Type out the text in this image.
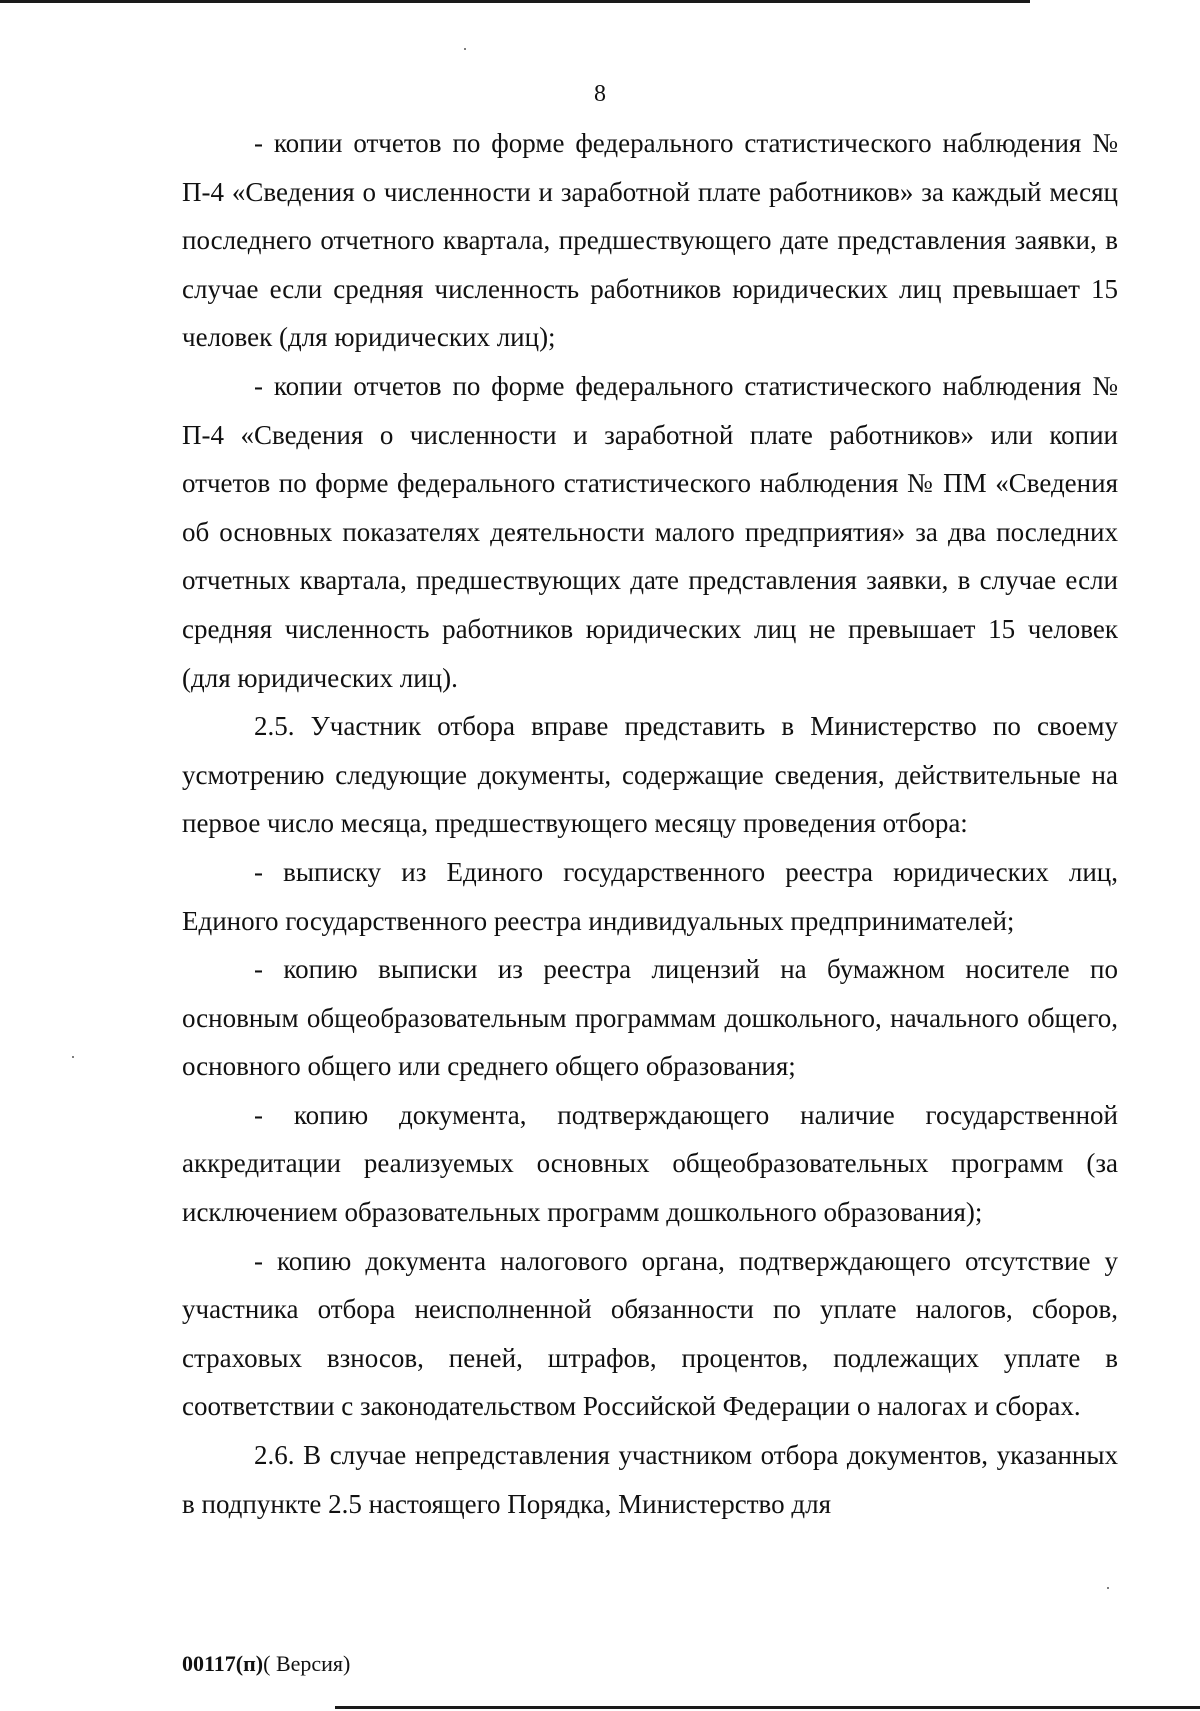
8

- копии отчетов по форме федерального статистического наблюдения № П-4 «Сведения о численности и заработной плате работников» за каждый месяц последнего отчетного квартала, предшествующего дате представления заявки, в случае если средняя численность работников юридических лиц превышает 15 человек (для юридических лиц);

- копии отчетов по форме федерального статистического наблюдения № П-4 «Сведения о численности и заработной плате работников» или копии отчетов по форме федерального статистического наблюдения № ПМ «Сведения об основных показателях деятельности малого предприятия» за два последних отчетных квартала, предшествующих дате представления заявки, в случае если средняя численность работников юридических лиц не превышает 15 человек (для юридических лиц).

2.5. Участник отбора вправе представить в Министерство по своему усмотрению следующие документы, содержащие сведения, действительные на первое число месяца, предшествующего месяцу проведения отбора:

- выписку из Единого государственного реестра юридических лиц, Единого государственного реестра индивидуальных предпринимателей;

- копию выписки из реестра лицензий на бумажном носителе по основным общеобразовательным программам дошкольного, начального общего, основного общего или среднего общего образования;

- копию документа, подтверждающего наличие государственной аккредитации реализуемых основных общеобразовательных программ (за исключением образовательных программ дошкольного образования);

- копию документа налогового органа, подтверждающего отсутствие у участника отбора неисполненной обязанности по уплате налогов, сборов, страховых взносов, пеней, штрафов, процентов, подлежащих уплате в соответствии с законодательством Российской Федерации о налогах и сборах.

2.6. В случае непредставления участником отбора документов, указанных в подпункте 2.5 настоящего Порядка, Министерство для

00117(п)( Версия)
